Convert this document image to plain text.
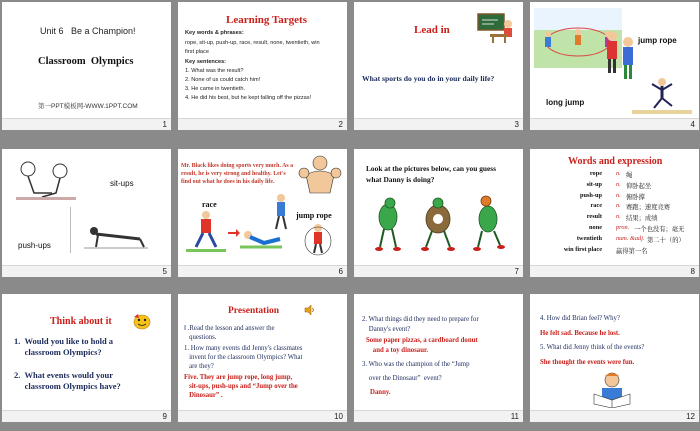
Unit 6   Be a Champion!
Classroom  Olympics
第一PPT模板网-WWW.1PPT.COM
1
Learning Targets
Key words & phrases:
rope, sit-up, push-up, race, result, none, twentieth, win
first place
Key sentences:
1. What was the result?
2. None of us could catch him!
3. He came in twentieth.
4. He did his best, but he kept falling off the pizzas!
2
Lead in
What sports do you do in your daily life?
3
jump rope
long jump
4
sit-ups
push-ups
5
Mr. Black likes doing sports very much. As a
result, he is very strong and healthy. Let's
find out what he does in his daily life.
race
jump rope
6
Look at the pictures below, can you guess
what Danny is doing?
7
Words and expression
rope n. 绳
sit-up n. 仰卧起坐
push-up n. 俯卧撑
race n. 赛跑；速度竞赛
result n. 结果；成绩
none pron. 一个也没有；毫无
twentieth num. &adj. 第二十（的）
win first place 赢得第一名
8
Think about it
1.  Would you like to hold a
classroom Olympics?
2.  What events would your
classroom Olympics have?
9
Presentation
Ⅰ .Read the lesson and answer the
questions.
1. How many events did Jenny's classmates
invent for the classroom Olympics? What
are they?
Five. They are jump rope, long jump,
sit-ups, push-ups and “Jump over the
Dinosaur” .
10
2. What things did they need to prepare for
Danny's event?
Some paper pizzas, a cardboard donut
and a toy dinosaur.
3. Who was the champion of the “Jump
over the Dinosaur”  event?
Danny.
11
4. How did Brian feel? Why?
He felt sad. Because he lost.
5. What did Jenny think of the events?
She thought the events were fun.
12
